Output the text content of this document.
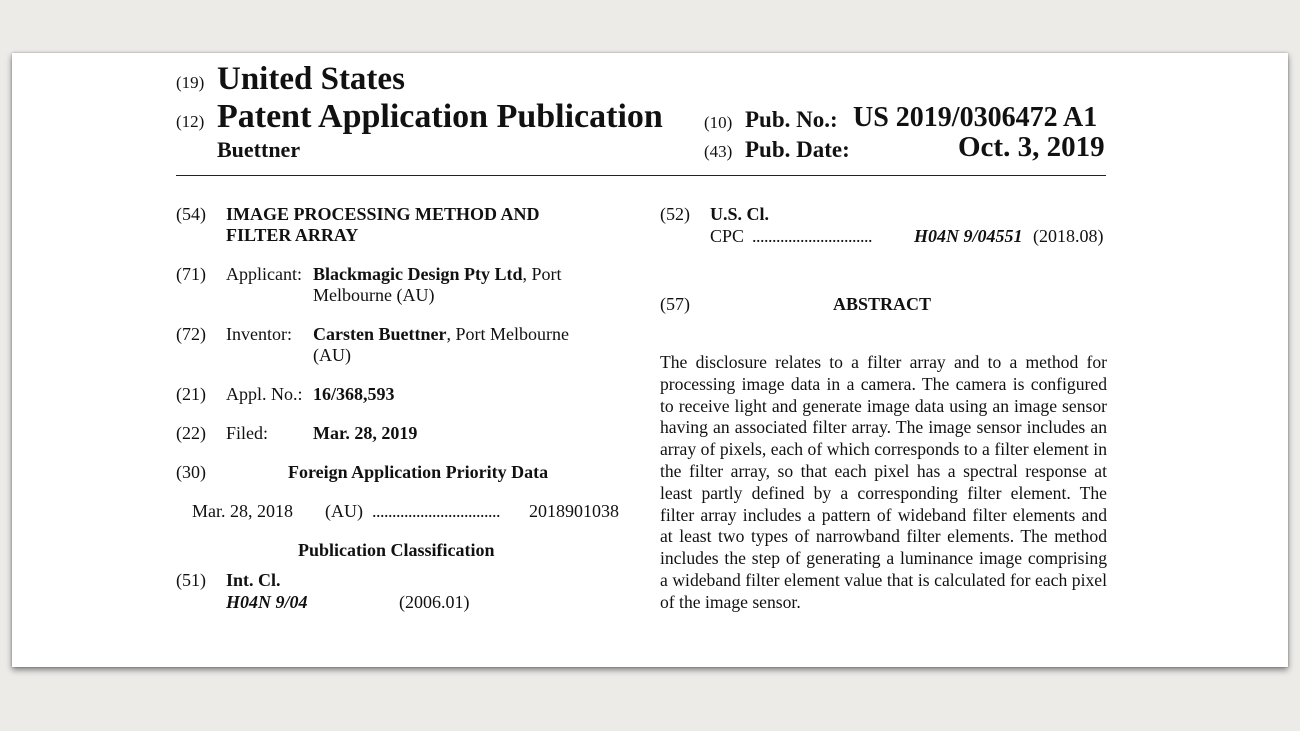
(19) United States
(12) Patent Application Publication
Buettner
(10) Pub. No.: US 2019/0306472 A1
(43) Pub. Date:	Oct. 3, 2019
(54) IMAGE PROCESSING METHOD AND
FILTER ARRAY
(71) Applicant: Blackmagic Design Pty Ltd, Port
Melbourne (AU)
(72) Inventor: Carsten Buettner, Port Melbourne
(AU)
(21) Appl. No.: 16/368,593
(22) Filed: Mar. 28, 2019
(30)	Foreign Application Priority Data
Mar. 28, 2018 (AU) ................................ 2018901038
Publication Classification
(51) Int. Cl.
H04N 9/04	(2006.01)
(52) U.S. Cl.
CPC .............................. H04N 9/04551 (2018.08)
(57)	ABSTRACT
The disclosure relates to a filter array and to a method for processing image data in a camera. The camera is configured to receive light and generate image data using an image sensor having an associated filter array. The image sensor includes an array of pixels, each of which corresponds to a filter element in the filter array, so that each pixel has a spectral response at least partly defined by a corresponding filter element. The filter array includes a pattern of wideband filter elements and at least two types of narrowband filter elements. The method includes the step of generating a luminance image comprising a wideband filter element value that is calculated for each pixel of the image sensor.
